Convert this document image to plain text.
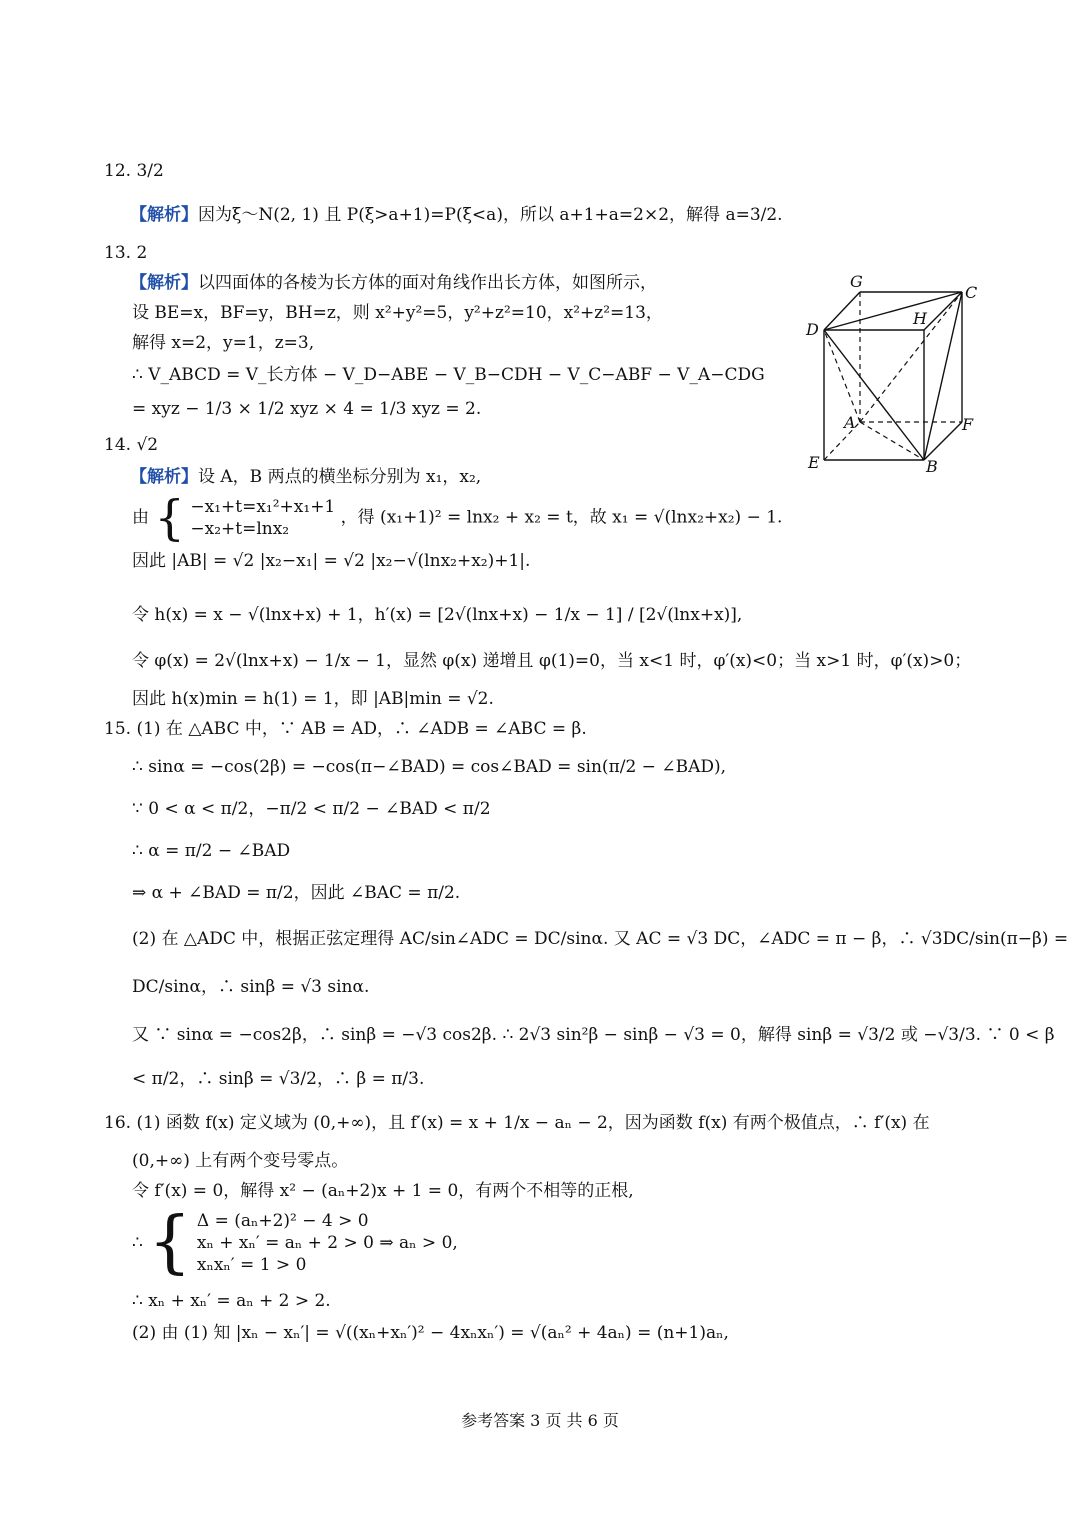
12. 3/2
【解析】因为ξ～N(2, 1) 且 P(ξ>a+1)=P(ξ<a)，所以 a+1+a=2×2，解得 a=3/2.
13. 2
【解析】以四面体的各棱为长方体的面对角线作出长方体，如图所示，
设 BE=x，BF=y，BH=z，则 x²+y²=5，y²+z²=10，x²+z²=13，
解得 x=2，y=1，z=3,
∴ V_ABCD = V_长方体 − V_D−ABE − V_B−CDH − V_C−ABF − V_A−CDG
= xyz − 1/3 × 1/2 xyz × 4 = 1/3 xyz = 2.
G
C
H
D
A	F
E	B
14. √2
【解析】设 A，B 两点的横坐标分别为 x₁，x₂,
由 { −x₁+t=x₁²+x₁+1
−x₂+t=lnx₂
，得 (x₁+1)² = lnx₂ + x₂ = t，故 x₁ = √(lnx₂+x₂) − 1.
因此 |AB| = √2 |x₂−x₁| = √2 |x₂−√(lnx₂+x₂)+1|.
令 h(x) = x − √(lnx+x) + 1，h′(x) = [2√(lnx+x) − 1/x − 1] / [2√(lnx+x)],
令 φ(x) = 2√(lnx+x) − 1/x − 1，显然 φ(x) 递增且 φ(1)=0，当 x<1 时，φ′(x)<0；当 x>1 时，φ′(x)>0；
因此 h(x)min = h(1) = 1，即 |AB|min = √2.
15. (1) 在 △ABC 中，∵ AB = AD，∴ ∠ADB = ∠ABC = β.
∴ sinα = −cos(2β) = −cos(π−∠BAD) = cos∠BAD = sin(π/2 − ∠BAD),
∵ 0 < α < π/2，−π/2 < π/2 − ∠BAD < π/2
∴ α = π/2 − ∠BAD
⇒ α + ∠BAD = π/2，因此 ∠BAC = π/2.
(2) 在 △ADC 中，根据正弦定理得 AC/sin∠ADC = DC/sinα. 又 AC = √3 DC，∠ADC = π − β，∴ √3DC/sin(π−β) =
DC/sinα，∴ sinβ = √3 sinα.
又 ∵ sinα = −cos2β，∴ sinβ = −√3 cos2β. ∴ 2√3 sin²β − sinβ − √3 = 0，解得 sinβ = √3/2 或 −√3/3. ∵ 0 < β
< π/2，∴ sinβ = √3/2，∴ β = π/3.
16. (1) 函数 f(x) 定义域为 (0,+∞)，且 f′(x) = x + 1/x − aₙ − 2，因为函数 f(x) 有两个极值点，∴ f′(x) 在
(0,+∞) 上有两个变号零点。
令 f′(x) = 0，解得 x² − (aₙ+2)x + 1 = 0，有两个不相等的正根,
∴ { Δ = (aₙ+2)² − 4 > 0
xₙ + xₙ′ = aₙ + 2 > 0 ⇒ aₙ > 0,
xₙxₙ′ = 1 > 0
∴ xₙ + xₙ′ = aₙ + 2 > 2.
(2) 由 (1) 知 |xₙ − xₙ′| = √((xₙ+xₙ′)² − 4xₙxₙ′) = √(aₙ² + 4aₙ) = (n+1)aₙ,
参考答案 3 页 共 6 页
